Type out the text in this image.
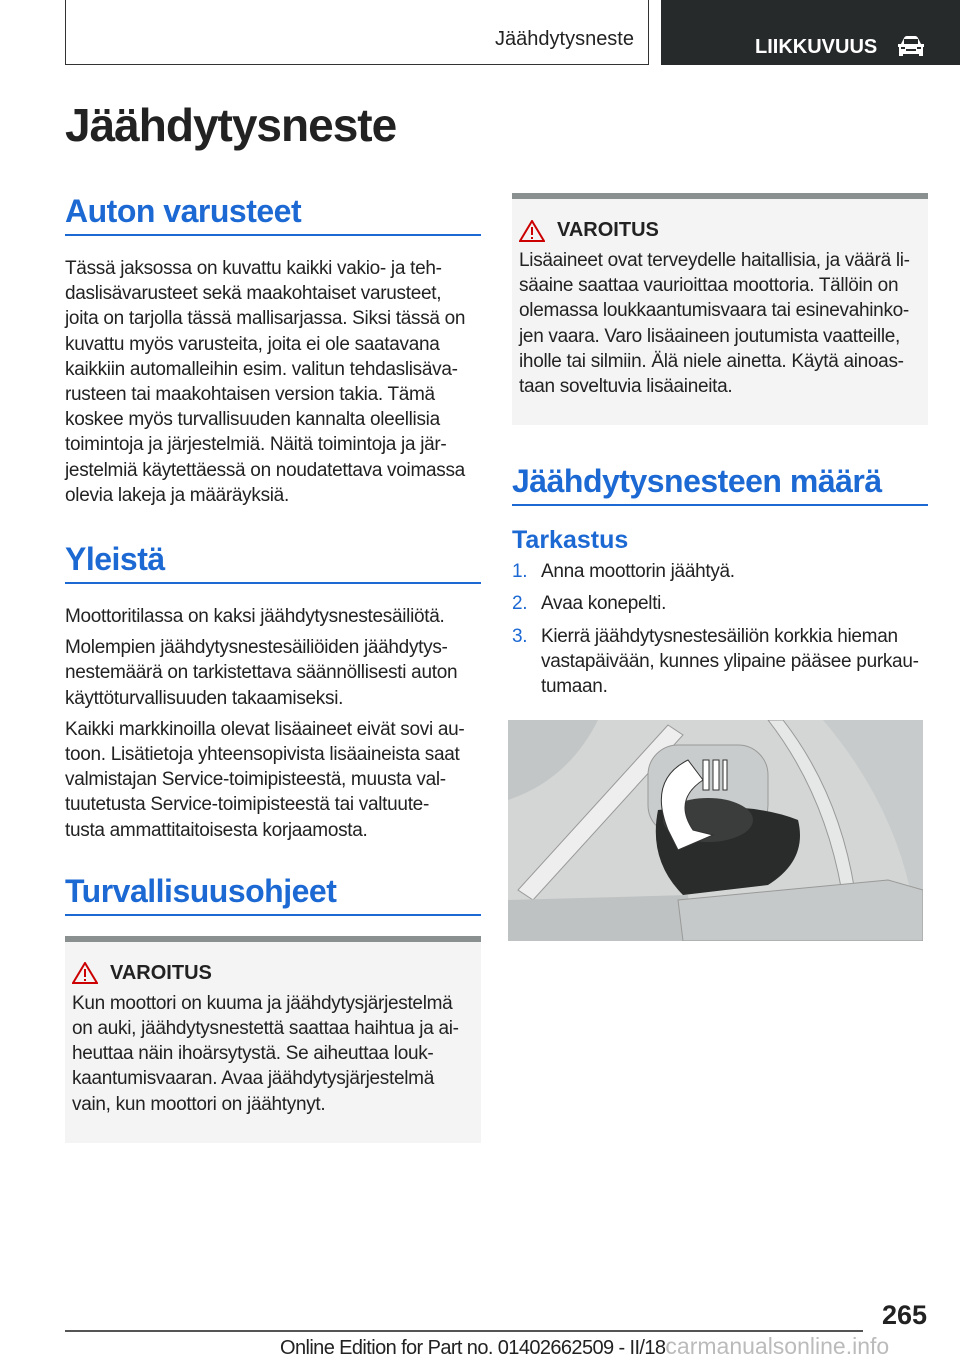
Jäähdytysneste	LIIKKUVUUS
Jäähdytysneste
Auton varusteet
Tässä jaksossa on kuvattu kaikki vakio- ja teh-
daslisävarusteet sekä maakohtaiset varusteet,
joita on tarjolla tässä mallisarjassa. Siksi tässä on
kuvattu myös varusteita, joita ei ole saatavana
kaikkiin automalleihin esim. valitun tehdaslisäva-
rusteen tai maakohtaisen version takia. Tämä
koskee myös turvallisuuden kannalta oleellisia
toimintoja ja järjestelmiä. Näitä toimintoja ja jär-
jestelmiä käytettäessä on noudatettava voimassa
olevia lakeja ja määräyksiä.
Yleistä
Moottoritilassa on kaksi jäähdytysnestesäiliötä.
Molempien jäähdytysnestesäiliöiden jäähdytys-
nestemäärä on tarkistettava säännöllisesti auton
käyttöturvallisuuden takaamiseksi.
Kaikki markkinoilla olevat lisäaineet eivät sovi au-
toon. Lisätietoja yhteensopivista lisäaineista saat
valmistajan Service-toimipisteestä, muusta val-
tuutetusta Service-toimipisteestä tai valtuute-
tusta ammattitaitoisesta korjaamosta.
Turvallisuusohjeet
VAROITUS
Kun moottori on kuuma ja jäähdytysjärjestelmä
on auki, jäähdytysnestettä saattaa haihtua ja ai-
heuttaa näin ihoärsytystä. Se aiheuttaa louk-
kaantumisvaaran. Avaa jäähdytysjärjestelmä
vain, kun moottori on jäähtynyt.
VAROITUS
Lisäaineet ovat terveydelle haitallisia, ja väärä li-
säaine saattaa vaurioittaa moottoria. Tällöin on
olemassa loukkaantumisvaara tai esinevahinko-
jen vaara. Varo lisäaineen joutumista vaatteille,
iholle tai silmiin. Älä niele ainetta. Käytä ainoas-
taan soveltuvia lisäaineita.
Jäähdytysnesteen määrä
Tarkastus
1. Anna moottorin jäähtyä.
2. Avaa konepelti.
3. Kierrä jäähdytysnestesäiliön korkkia hieman
vastapäivään, kunnes ylipaine pääsee purkau-
tumaan.
265
Online Edition for Part no. 01402662509 - II/18carmanualsonline.info
